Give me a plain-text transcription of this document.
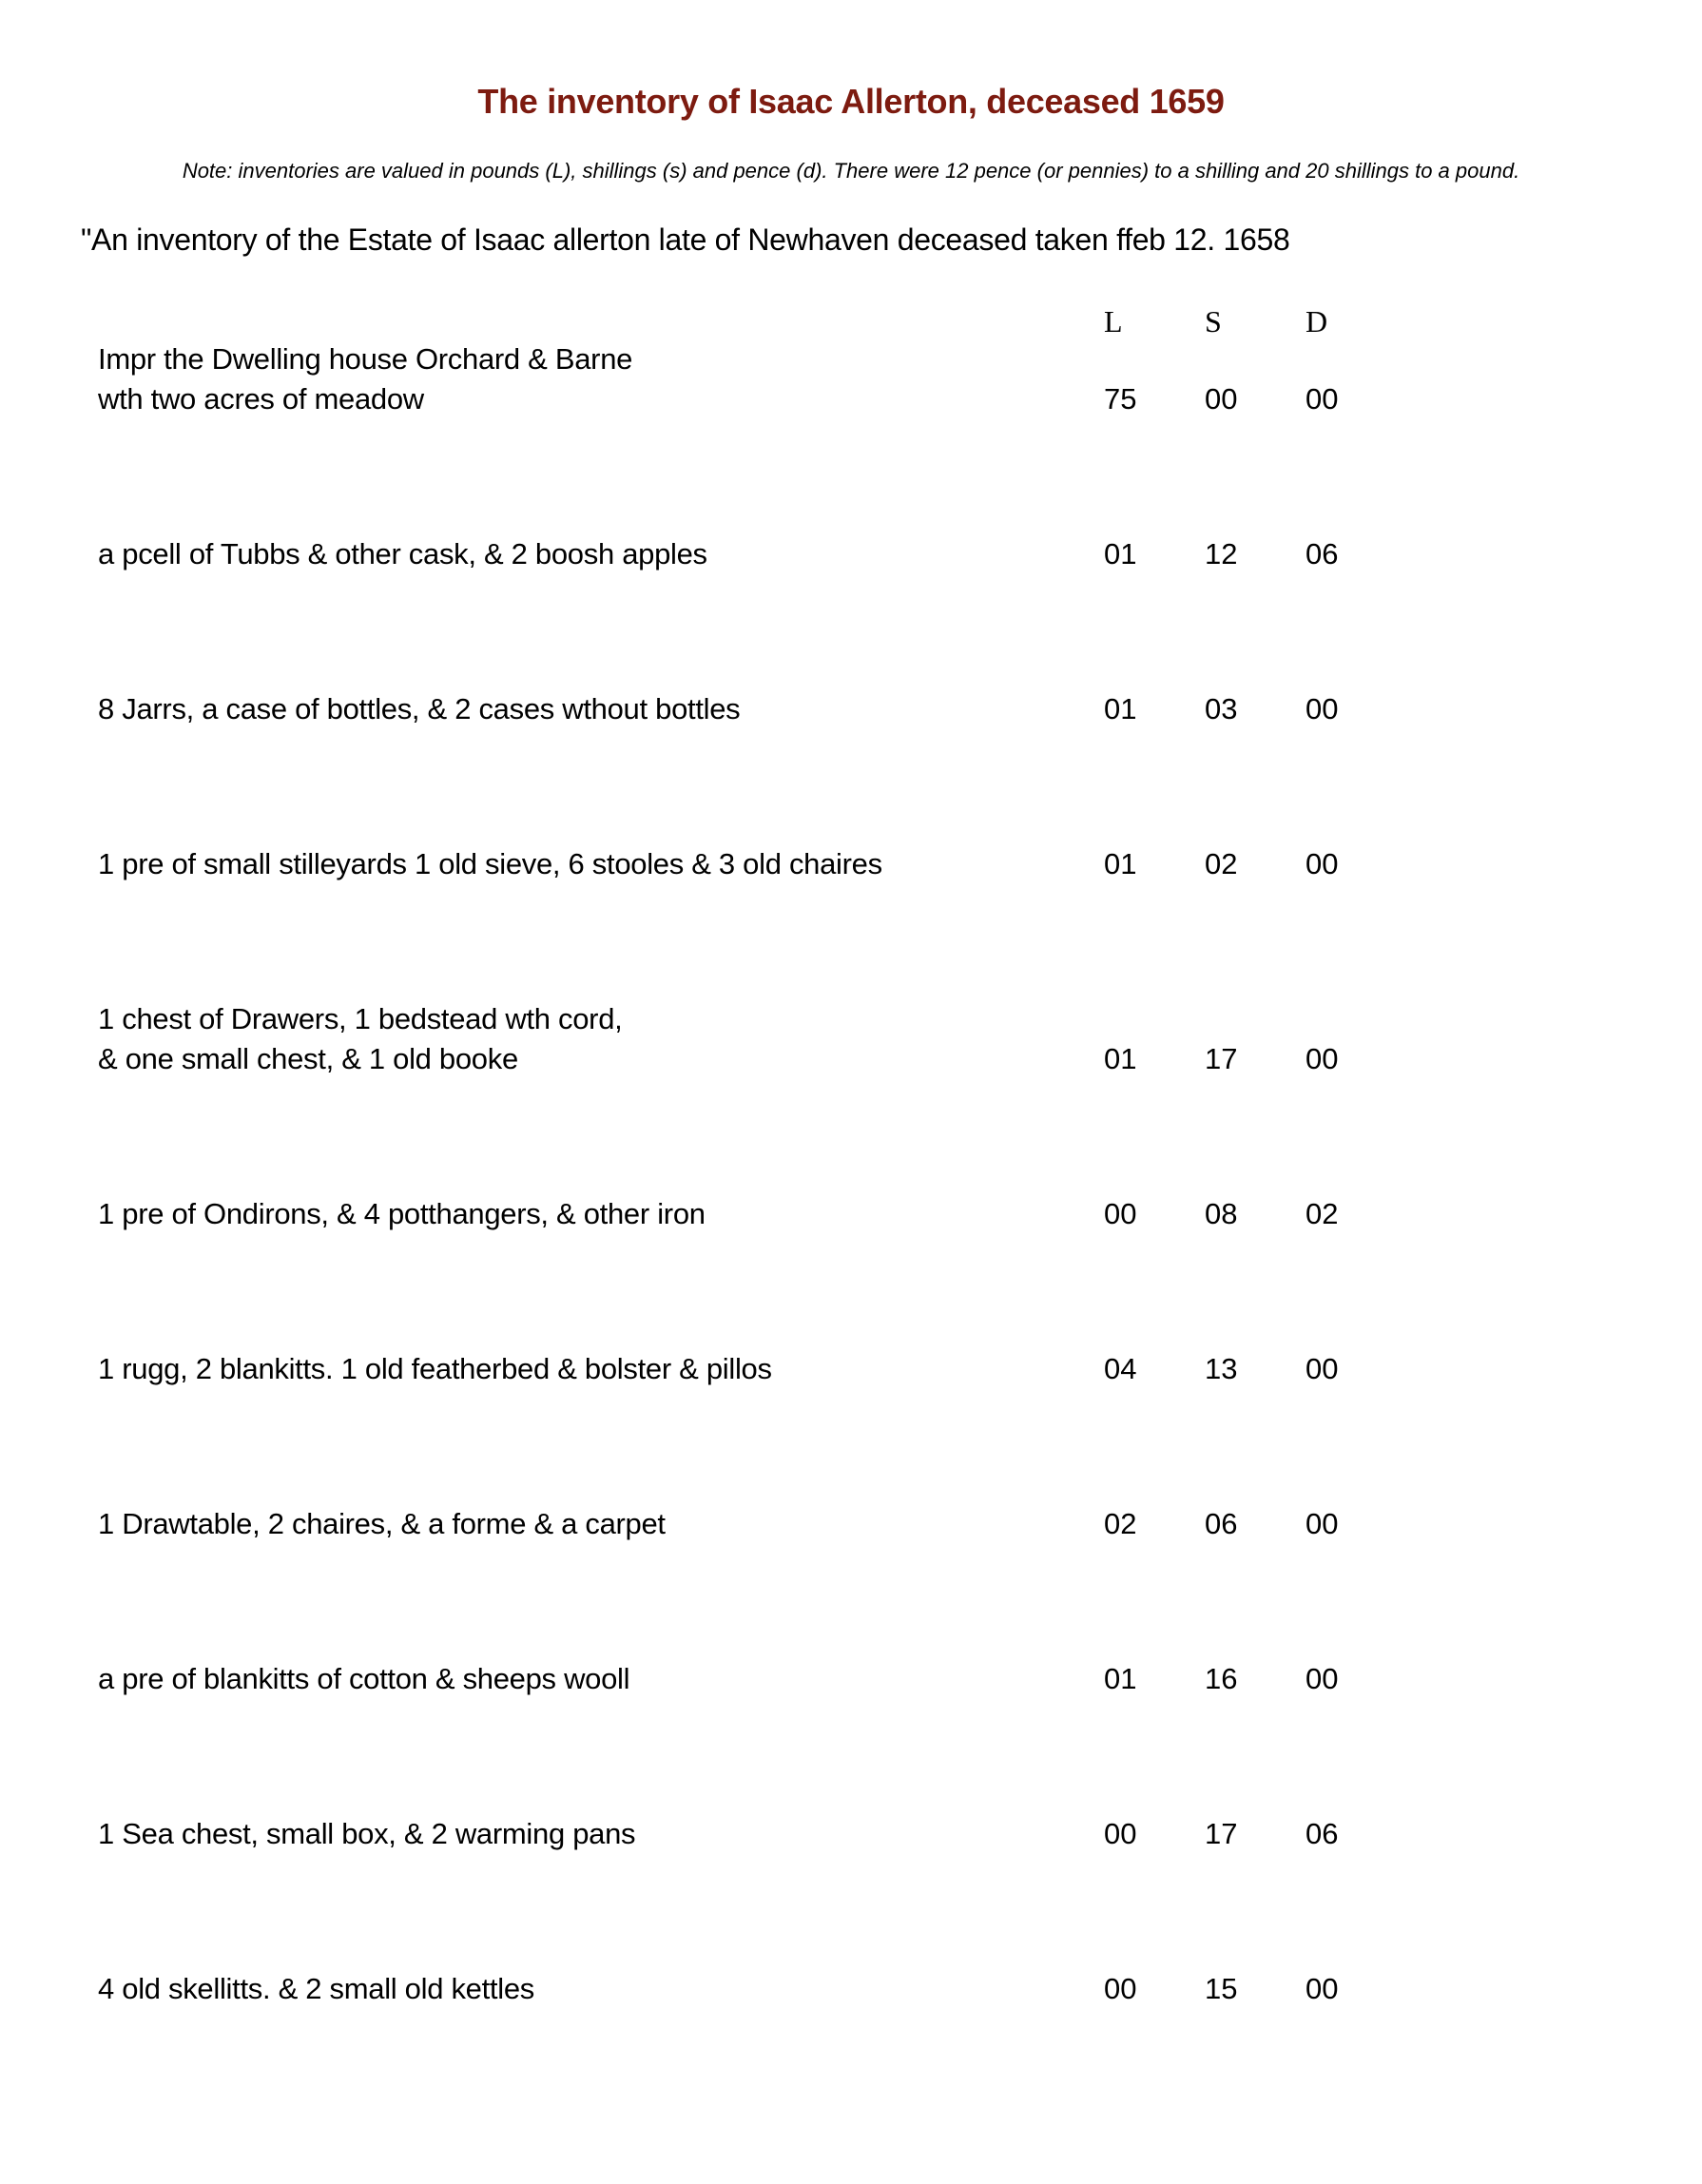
The inventory of Isaac Allerton, deceased 1659

Note: inventories are valued in pounds (L), shillings (s) and pence (d). There were 12 pence (or pennies) to a shilling and 20 shillings to a pound.

"An inventory of the Estate of Isaac allerton late of Newhaven deceased taken ffeb 12. 1658

L	S	D
Impr the Dwelling house Orchard & Barne
wth two acres of meadow	75	00	00
a pcell of Tubbs & other cask, & 2 boosh apples	01	12	06
8 Jarrs, a case of bottles, & 2 cases wthout bottles	01	03	00
1 pre of small stilleyards 1 old sieve, 6 stooles & 3 old chaires	01	02	00
1 chest of Drawers, 1 bedstead wth cord,
& one small chest, & 1 old booke	01	17	00
1 pre of Ondirons, & 4 potthangers, & other iron	00	08	02
1 rugg, 2 blankitts. 1 old featherbed & bolster & pillos	04	13	00
1 Drawtable, 2 chaires, & a forme & a carpet	02	06	00
a pre of blankitts of cotton & sheeps wooll	01	16	00
1 Sea chest, small box, & 2 warming pans	00	17	06
4 old skellitts. & 2 small old kettles	00	15	00
